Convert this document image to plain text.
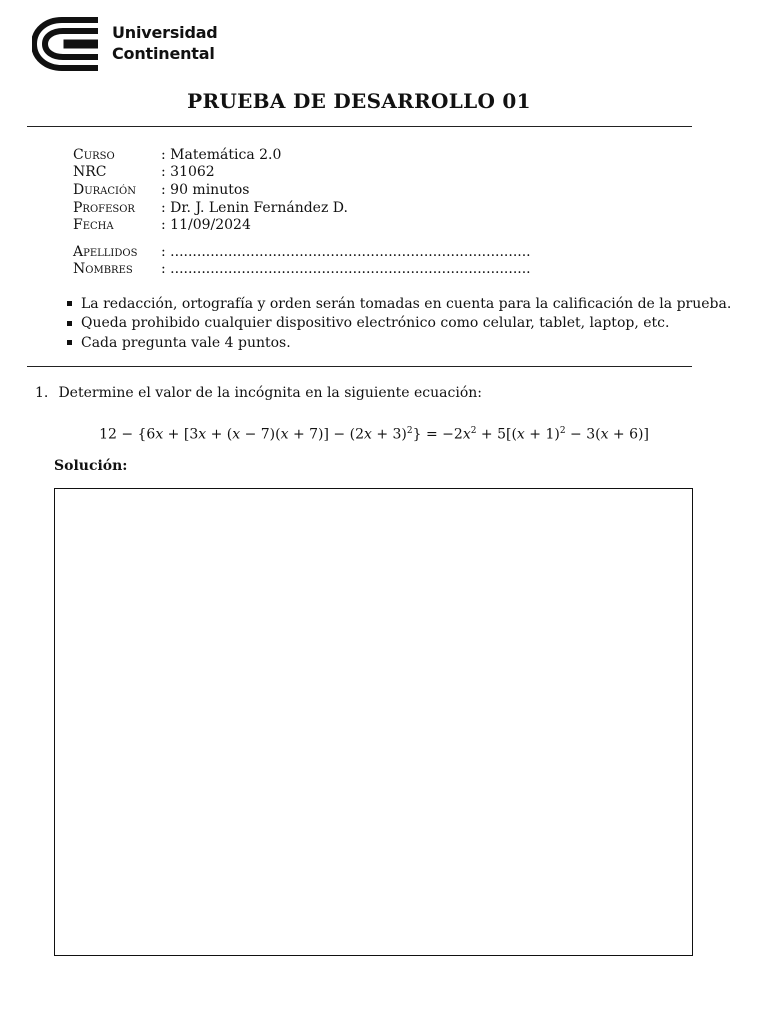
Universidad
Continental
PRUEBA DE DESARROLLO 01
Curso	: Matemática 2.0
NRC	: 31062
Duración	: 90 minutos
Profesor	: Dr. J. Lenin Fernández D.
Fecha	: 11/09/2024
Apellidos	: .................................................................................
Nombres	: .................................................................................
La redacción, ortografía y orden serán tomadas en cuenta para la calificación de la prueba.
Queda prohibido cualquier dispositivo electrónico como celular, tablet, laptop, etc.
Cada pregunta vale 4 puntos.
1. Determine el valor de la incógnita en la siguiente ecuación:
$12 - \{6x + [3x + (x - 7)(x + 7)] - (2x + 3)^2\} = -2x^2 + 5[(x + 1)^2 - 3(x + 6)]$
Solución:
